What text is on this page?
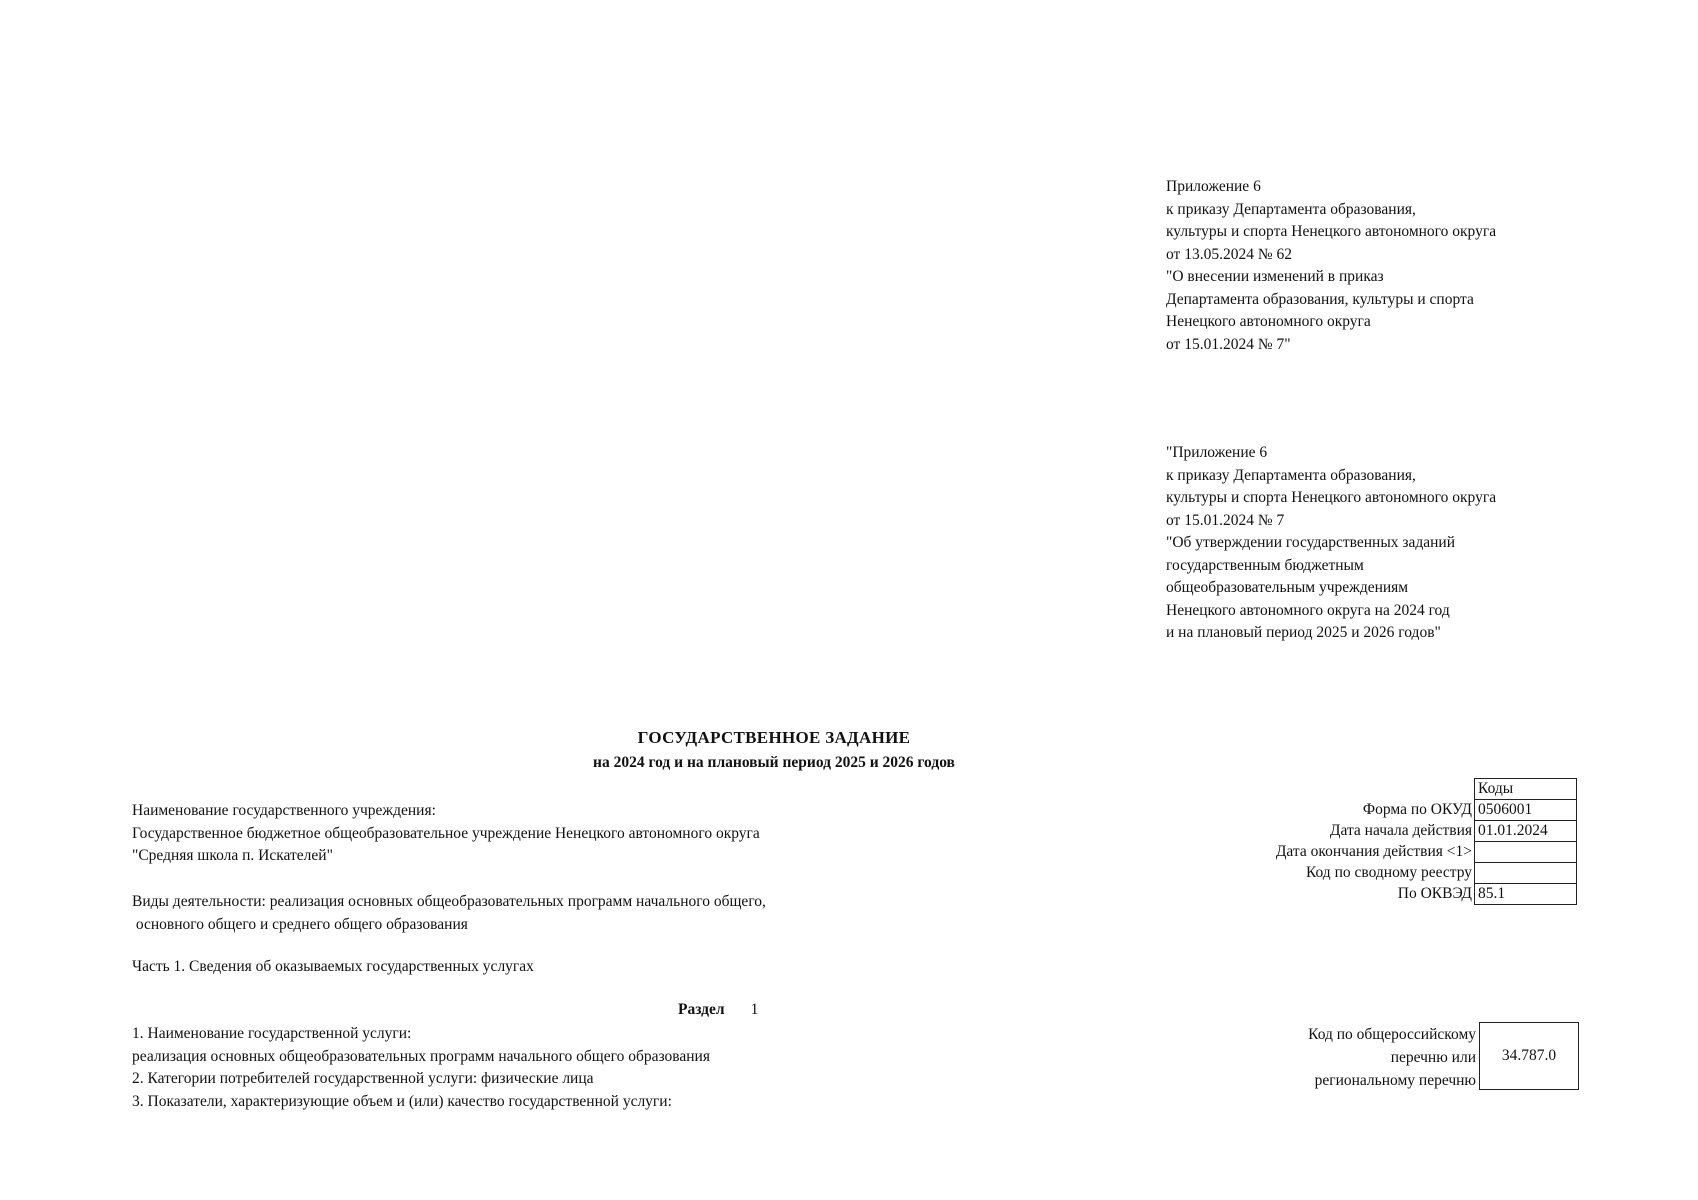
Приложение 6
к приказу Департамента образования,
культуры и спорта Ненецкого автономного округа
от 13.05.2024 № 62
"О внесении изменений в приказ
Департамента образования, культуры и спорта
Ненецкого автономного округа
от 15.01.2024 № 7"
"Приложение 6
к приказу Департамента образования,
культуры и спорта Ненецкого автономного округа
от 15.01.2024 № 7
"Об утверждении государственных заданий
государственным бюджетным
общеобразовательным учреждениям
Ненецкого автономного округа на 2024 год
и на плановый период 2025 и 2026 годов"
ГОСУДАРСТВЕННОЕ ЗАДАНИЕ
на 2024 год и на плановый период 2025 и 2026 годов
Наименование государственного учреждения:
Государственное бюджетное общеобразовательное учреждение Ненецкого автономного округа
"Средняя школа п. Искателей"
Виды деятельности: реализация основных общеобразовательных программ начального общего,
основного общего и среднего общего образования
Часть 1. Сведения об оказываемых государственных услугах
Раздел 1
1. Наименование государственной услуги:
реализация основных общеобразовательных программ начального общего образования
2. Категории потребителей государственной услуги: физические лица
3. Показатели, характеризующие объем и (или) качество государственной услуги:
	Коды
Форма по ОКУД	0506001
Дата начала действия	01.01.2024
Дата окончания действия <1>	
Код по сводному реестру	
По ОКВЭД	85.1
Код по общероссийскому
перечню или
региональному перечню
34.787.0
